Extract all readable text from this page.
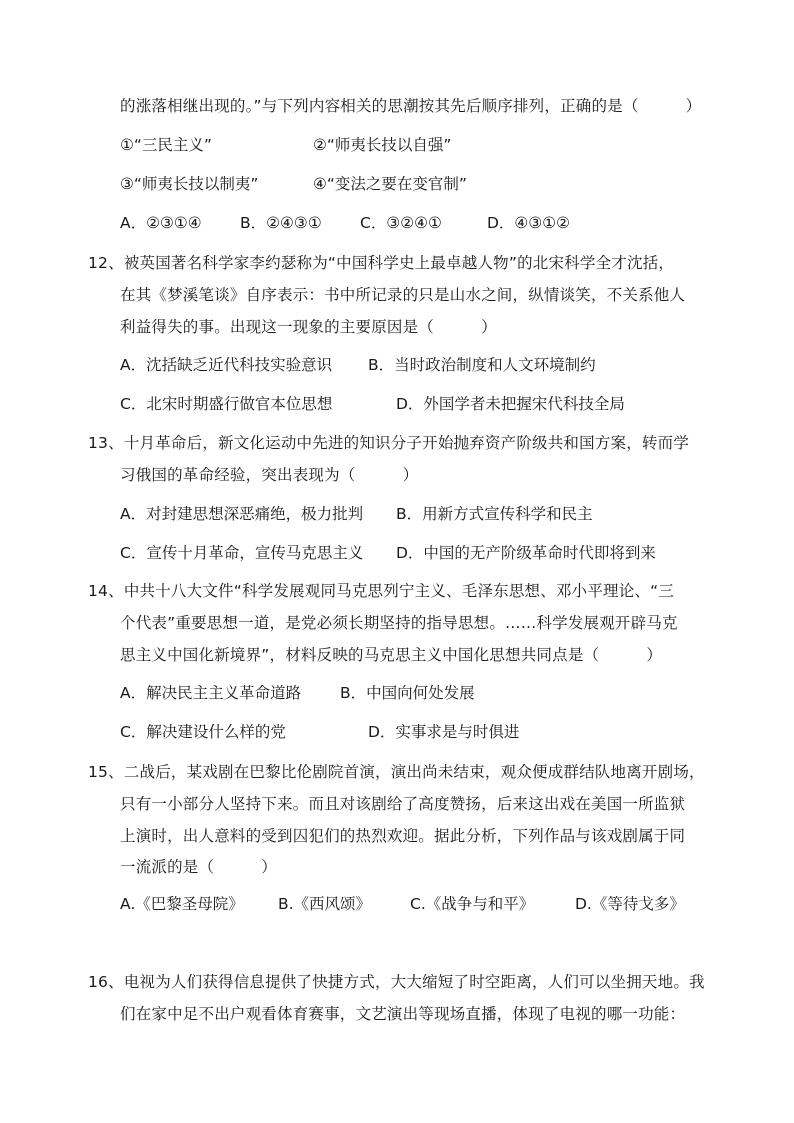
的涨落相继出现的。”与下列内容相关的思潮按其先后顺序排列，正确的是（　　　）
①“三民主义”	②“师夷长技以自强”
③“师夷长技以制夷”	④“变法之要在变官制”
A．②③①④ B．②④③① C．③②④①	D．④③①②
12、被英国著名科学家李约瑟称为“中国科学史上最卓越人物”的北宋科学全才沈括，
在其《梦溪笔谈》自序表示：书中所记录的只是山水之间，纵情谈笑，不关系他人
利益得失的事。出现这一现象的主要原因是（　　　）
A．沈括缺乏近代科技实验意识 B．当时政治制度和人文环境制约
C．北宋时期盛行做官本位思想	D．外国学者未把握宋代科技全局
13、十月革命后，新文化运动中先进的知识分子开始抛弃资产阶级共和国方案，转而学
习俄国的革命经验，突出表现为（　　　）
A．对封建思想深恶痛绝，极力批判 B．用新方式宣传科学和民主
C．宣传十月革命，宣传马克思主义 D．中国的无产阶级革命时代即将到来
14、中共十八大文件“科学发展观同马克思列宁主义、毛泽东思想、邓小平理论、“三
个代表”重要思想一道，是党必须长期坚持的指导思想。……科学发展观开辟马克
思主义中国化新境界”，材料反映的马克思主义中国化思想共同点是（　　　）
A．解决民主主义革命道路	B．中国向何处发展
C．解决建设什么样的党	D．实事求是与时俱进
15、二战后，某戏剧在巴黎比伦剧院首演，演出尚未结束，观众便成群结队地离开剧场，
只有一小部分人坚持下来。而且对该剧给了高度赞扬，后来这出戏在美国一所监狱
上演时，出人意料的受到囚犯们的热烈欢迎。据此分析，下列作品与该戏剧属于同
一流派的是（　　　）
A.《巴黎圣母院》 B.《西风颂》	C.《战争与和平》	D.《等待戈多》
16、电视为人们获得信息提供了快捷方式，大大缩短了时空距离，人们可以坐拥天地。我
们在家中足不出户观看体育赛事，文艺演出等现场直播，体现了电视的哪一功能：
